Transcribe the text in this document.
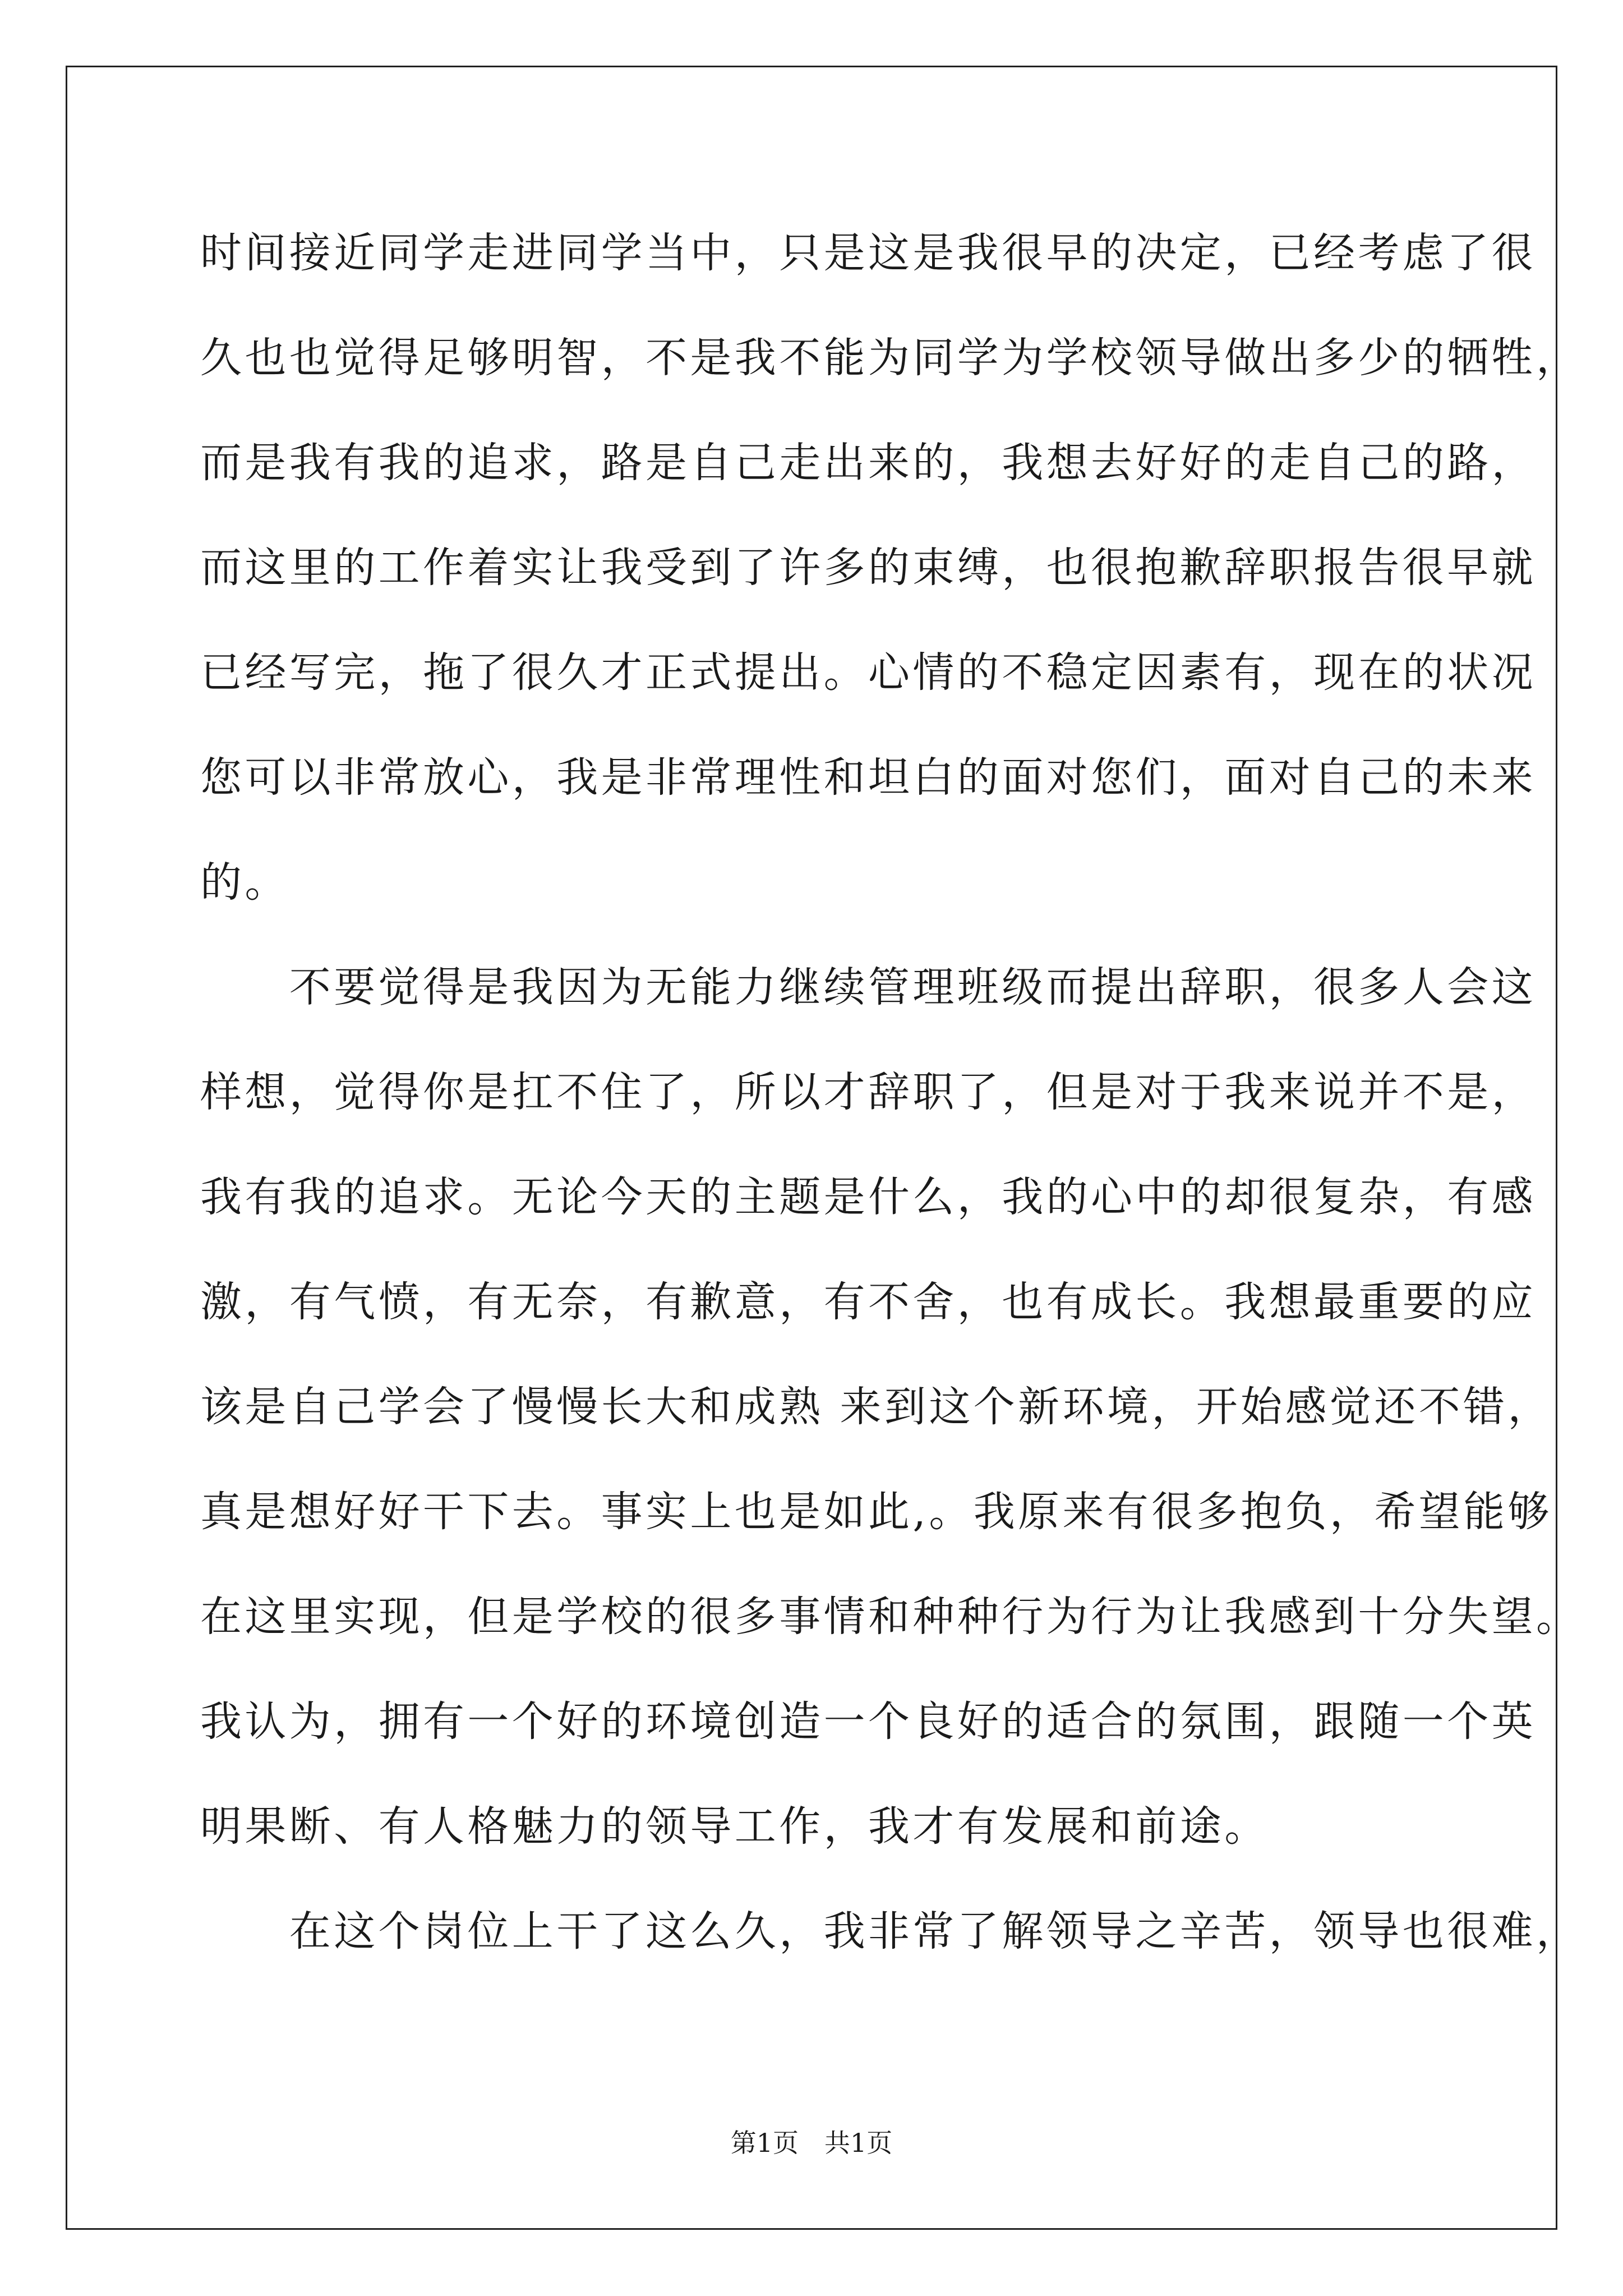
时间接近同学走进同学当中，只是这是我很早的决定，已经考虑了很
久也也觉得足够明智，不是我不能为同学为学校领导做出多少的牺牲，
而是我有我的追求，路是自己走出来的，我想去好好的走自己的路，
而这里的工作着实让我受到了许多的束缚，也很抱歉辞职报告很早就
已经写完，拖了很久才正式提出。心情的不稳定因素有，现在的状况
您可以非常放心，我是非常理性和坦白的面对您们，面对自己的未来
的。
　　不要觉得是我因为无能力继续管理班级而提出辞职，很多人会这
样想，觉得你是扛不住了，所以才辞职了，但是对于我来说并不是，
我有我的追求。无论今天的主题是什么，我的心中的却很复杂，有感
激，有气愤，有无奈，有歉意，有不舍，也有成长。我想最重要的应
该是自己学会了慢慢长大和成熟 来到这个新环境，开始感觉还不错，
真是想好好干下去。事实上也是如此,。我原来有很多抱负，希望能够
在这里实现，但是学校的很多事情和种种行为行为让我感到十分失望。
我认为，拥有一个好的环境创造一个良好的适合的氛围，跟随一个英
明果断、有人格魅力的领导工作，我才有发展和前途。
　　在这个岗位上干了这么久，我非常了解领导之辛苦，领导也很难，
第1页　共1页
